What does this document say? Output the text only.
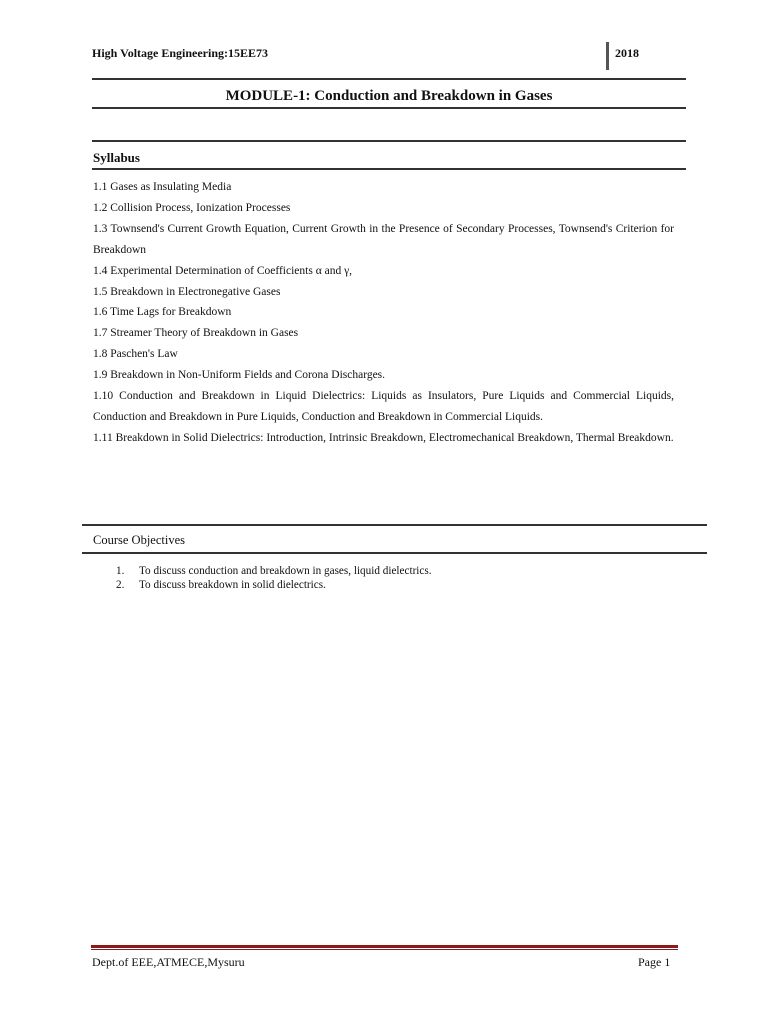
High Voltage Engineering:15EE73	2018
MODULE-1: Conduction and Breakdown in Gases
Syllabus
1.1 Gases as Insulating Media
1.2 Collision Process, Ionization Processes
1.3 Townsend's Current Growth Equation, Current Growth in the Presence of Secondary Processes, Townsend's Criterion for Breakdown
1.4 Experimental Determination of Coefficients α and γ,
1.5 Breakdown in Electronegative Gases
1.6 Time Lags for Breakdown
1.7 Streamer Theory of Breakdown in Gases
1.8 Paschen's Law
1.9 Breakdown in Non-Uniform Fields and Corona Discharges.
1.10 Conduction and Breakdown in Liquid Dielectrics: Liquids as Insulators, Pure Liquids and Commercial Liquids, Conduction and Breakdown in Pure Liquids, Conduction and Breakdown in Commercial Liquids.
1.11 Breakdown in Solid Dielectrics: Introduction, Intrinsic Breakdown, Electromechanical Breakdown, Thermal Breakdown.
Course Objectives
1.	To discuss conduction and breakdown in gases, liquid dielectrics.
2.	To discuss breakdown in solid dielectrics.
Dept.of EEE,ATMECE,Mysuru	Page 1
